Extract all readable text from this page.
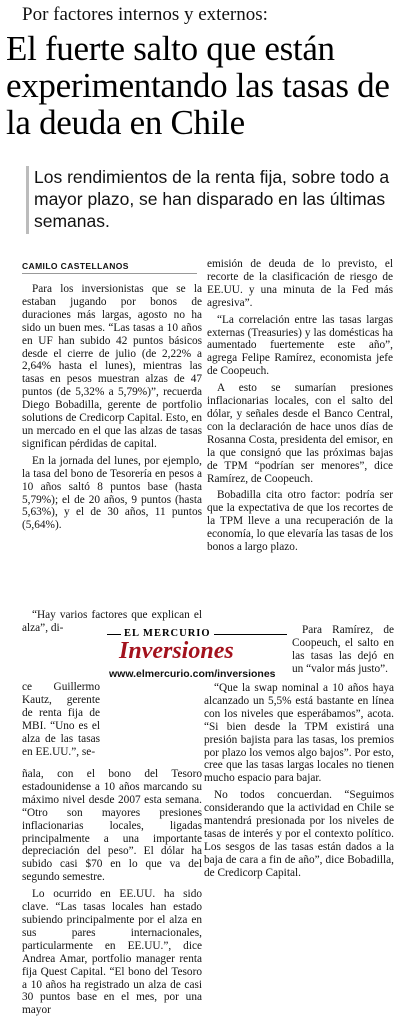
Por factores internos y externos:
El fuerte salto que están experimentando las tasas de la deuda en Chile
Los rendimientos de la renta fija, sobre todo a mayor plazo, se han disparado en las últimas semanas.
CAMILO CASTELLANOS

Para los inversionistas que se la estaban jugando por bonos de duraciones más largas, agosto no ha sido un buen mes. “Las tasas a 10 años en UF han subido 42 puntos básicos desde el cierre de julio (de 2,22% a 2,64% hasta el lunes), mientras las tasas en pesos muestran alzas de 47 puntos (de 5,32% a 5,79%)”, recuerda Diego Bobadilla, gerente de portfolio solutions de Credicorp Capital. Esto, en un mercado en el que las alzas de tasas significan pérdidas de capital.

En la jornada del lunes, por ejemplo, la tasa del bono de Tesorería en pesos a 10 años saltó 8 puntos base (hasta 5,79%); el de 20 años, 9 puntos (hasta 5,63%), y el de 30 años, 11 puntos (5,64%).

“Hay varios factores que explican el alza”, di-

ce Guillermo Kautz, gerente de renta fija de MBI. “Uno es el alza de las tasas en EE.UU.”, se-

ñala, con el bono del Tesoro estadounidense a 10 años marcando su máximo nivel desde 2007 esta semana. “Otro son mayores presiones inflacionarias locales, ligadas principalmente a una importante depreciación del peso”. El dólar ha subido casi $70 en lo que va del segundo semestre.

Lo ocurrido en EE.UU. ha sido clave. “Las tasas locales han estado subiendo principalmente por el alza en sus pares internacionales, particularmente en EE.UU.”, dice Andrea Amar, portfolio manager renta fija Quest Capital. “El bono del Tesoro a 10 años ha registrado un alza de casi 30 puntos base en el mes, por una mayor

emisión de deuda de lo previsto, el recorte de la clasificación de riesgo de EE.UU. y una minuta de la Fed más agresiva”.

“La correlación entre las tasas largas externas (Treasuries) y las domésticas ha aumentado fuertemente este año”, agrega Felipe Ramírez, economista jefe de Coopeuch.

A esto se sumarían presiones inflacionarias locales, con el salto del dólar, y señales desde el Banco Central, con la declaración de hace unos días de Rosanna Costa, presidenta del emisor, en la que consignó que las próximas bajas de TPM “podrían ser menores”, dice Ramírez, de Coopeuch.

Bobadilla cita otro factor: podría ser que la expectativa de que los recortes de la TPM lleve a una recuperación de la economía, lo que elevaría las tasas de los bonos a largo plazo.

Para Ramírez, de Coopeuch, el salto en las tasas las dejó en un “valor más justo”.

“Que la swap nominal a 10 años haya alcanzado un 5,5% está bastante en línea con los niveles que esperábamos”, acota. “Si bien desde la TPM existirá una presión bajista para las tasas, los premios por plazo los vemos algo bajos”. Por esto, cree que las tasas largas locales no tienen mucho espacio para bajar.

No todos concuerdan. “Seguimos considerando que la actividad en Chile se mantendrá presionada por los niveles de tasas de interés y por el contexto político. Los sesgos de las tasas están dados a la baja de cara a fin de año”, dice Bobadilla, de Credicorp Capital.

EL MERCURIO
Inversiones
www.elmercurio.com/inversiones
